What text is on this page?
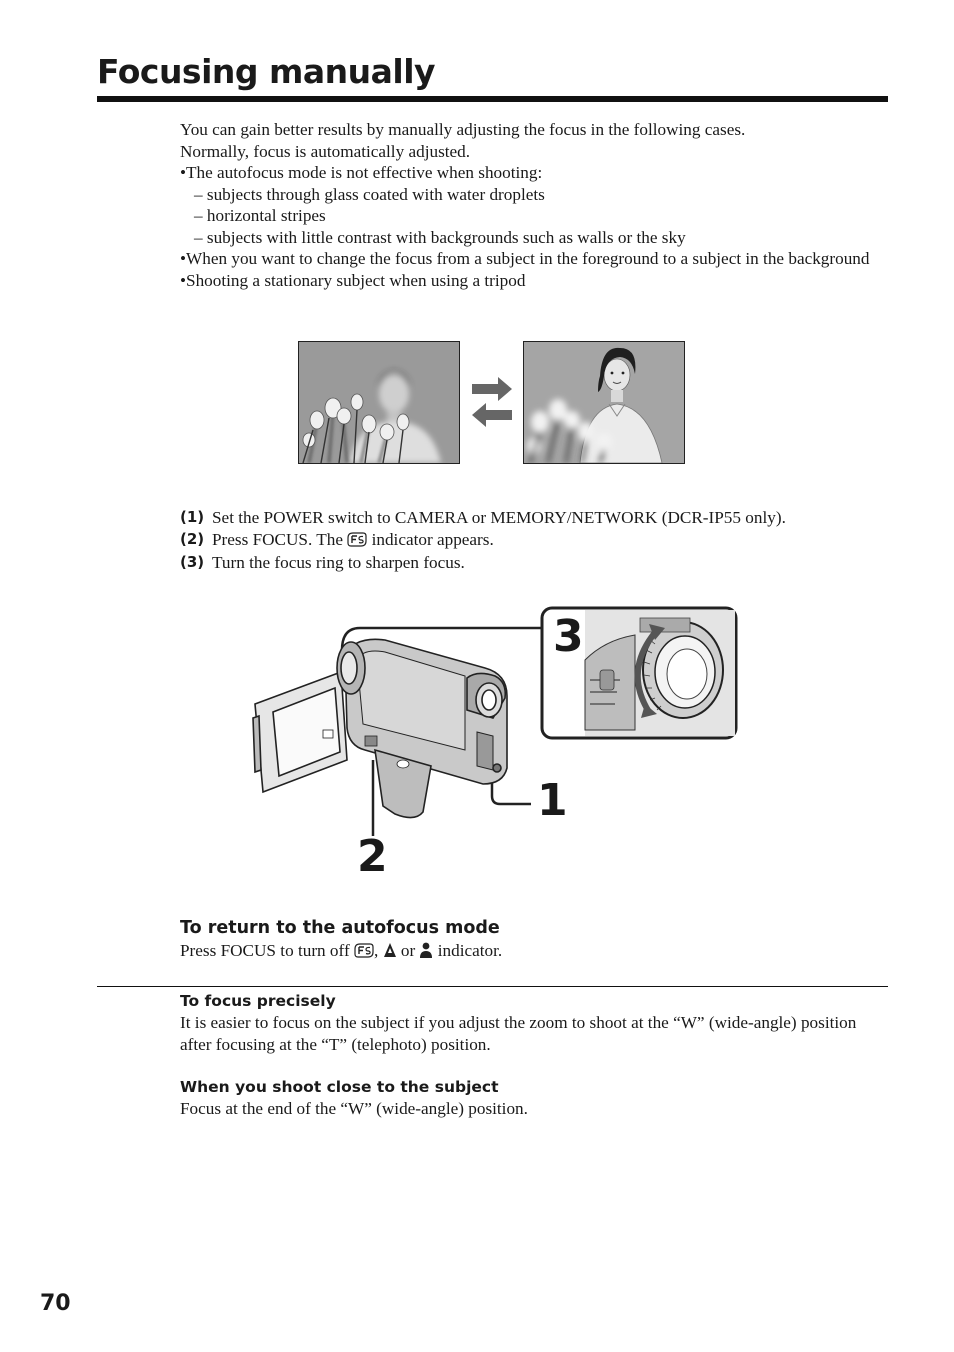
Focusing manually

You can gain better results by manually adjusting the focus in the following cases.

Normally, focus is automatically adjusted.

•The autofocus mode is not effective when shooting:

– subjects through glass coated with water droplets

– horizontal stripes

– subjects with little contrast with backgrounds such as walls or the sky

•When you want to change the focus from a subject in the foreground to a subject in the background

•Shooting a stationary subject when using a tripod

(1) Set the POWER switch to CAMERA or MEMORY/NETWORK (DCR-IP55 only).
(2) Press FOCUS. The indicator appears.
(3) Turn the focus ring to sharpen focus.
1
2
3
To return to the autofocus mode
Press FOCUS to turn off , or indicator.
To focus precisely

It is easier to focus on the subject if you adjust the zoom to shoot at the “W” (wide-angle) position after focusing at the “T” (telephoto) position.

When you shoot close to the subject

Focus at the end of the “W” (wide-angle) position.

70
